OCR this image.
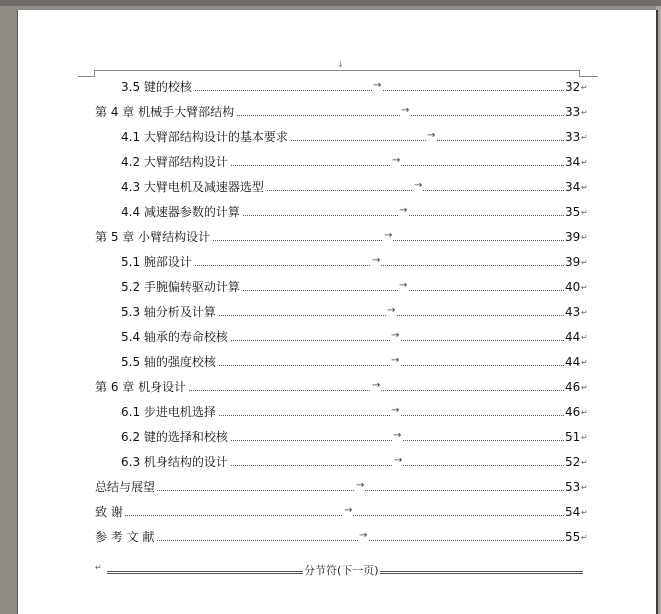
↓
3.5 键的校核	→	32 ↵
第 4 章 机械手大臂部结构	→	33 ↵
4.1 大臂部结构设计的基本要求	→	33 ↵
4.2 大臂部结构设计	→	34 ↵
4.3 大臂电机及减速器选型	→	34 ↵
4.4 减速器参数的计算	→	35 ↵
第 5 章 小臂结构设计	→	39 ↵
5.1 腕部设计	→	39 ↵
5.2 手腕偏转驱动计算	→	40 ↵
5.3 轴分析及计算	→	43 ↵
5.4 轴承的寿命校核	→	44 ↵
5.5 轴的强度校核	→	44 ↵
第 6 章 机身设计	→	46 ↵
6.1 步进电机选择	→	46 ↵
6.2 键的选择和校核	→	51 ↵
6.3 机身结构的设计	→	52 ↵
总结与展望	→	53 ↵
致 谢	→	54 ↵
参 考 文 献	→	55 ↵
↵	分节符(下一页)
